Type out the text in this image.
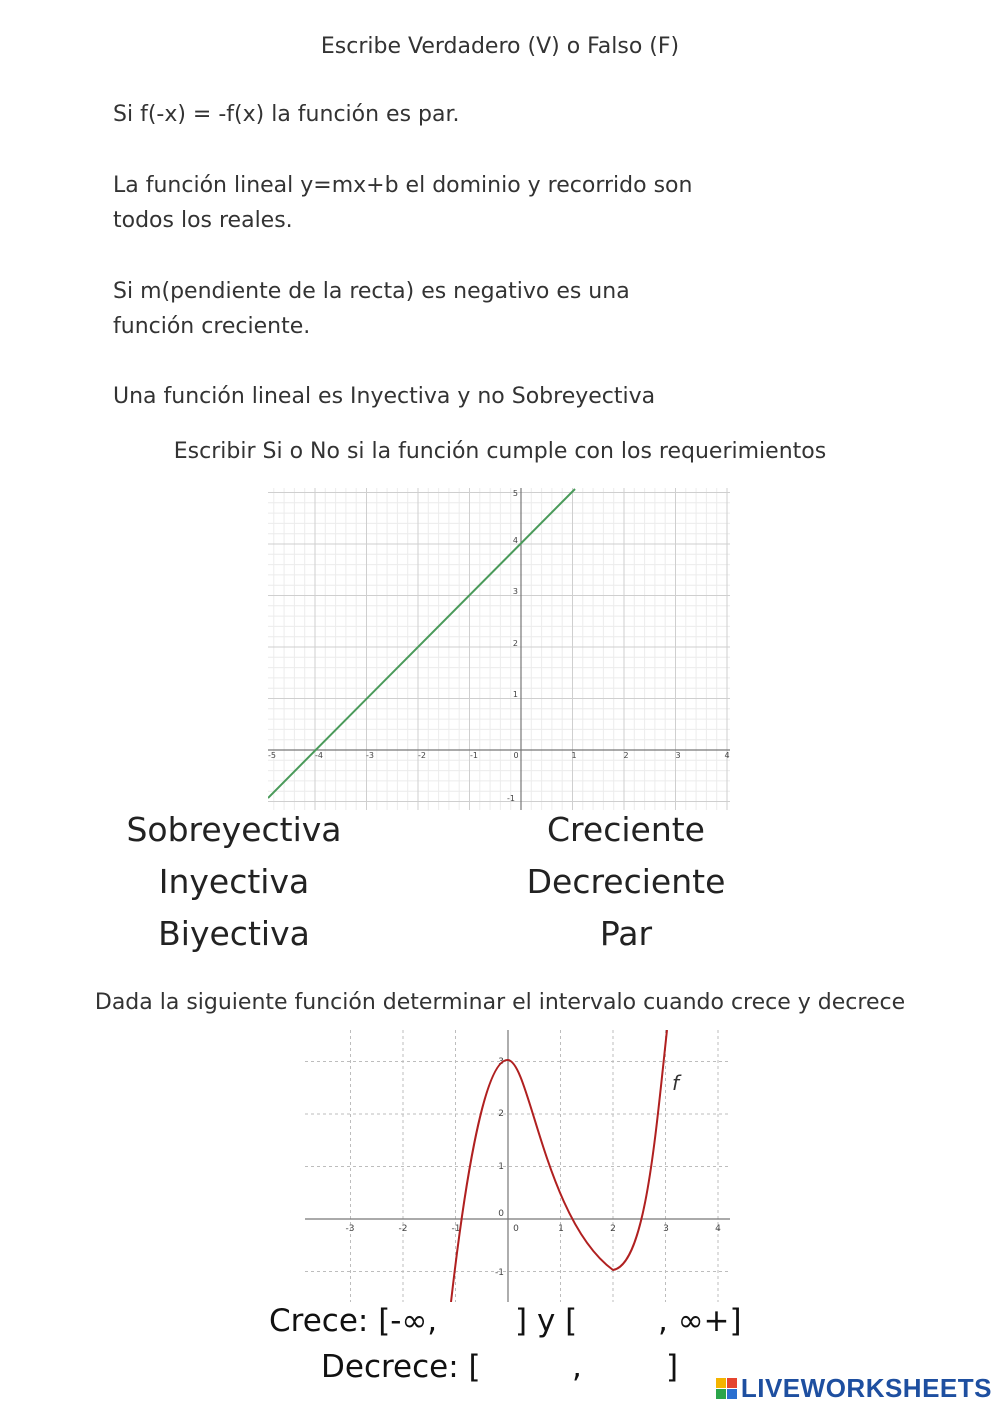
Escribe Verdadero (V) o Falso (F)
Si f(-x) = -f(x) la función es par.
La función lineal y=mx+b el dominio y recorrido son todos los reales.
Si m(pendiente de la recta) es negativo es una función creciente.
Una función lineal es Inyectiva y no Sobreyectiva
Escribir Si o No si la función cumple con los requerimientos
-5	-4	-3	-2	-1	0	1	2	3	4
-1
1
2
3
4
5
Sobreyectiva
Inyectiva
Biyectiva
Creciente
Decreciente
Par
Dada la siguiente función determinar el intervalo cuando crece y decrece
-3	-2	-1	0	1	2	3	4
-1
0
1
2
3
f
Crece: [-∞,	] y [	, ∞+]
Decrece: [	,	]
LIVEWORKSHEETS
